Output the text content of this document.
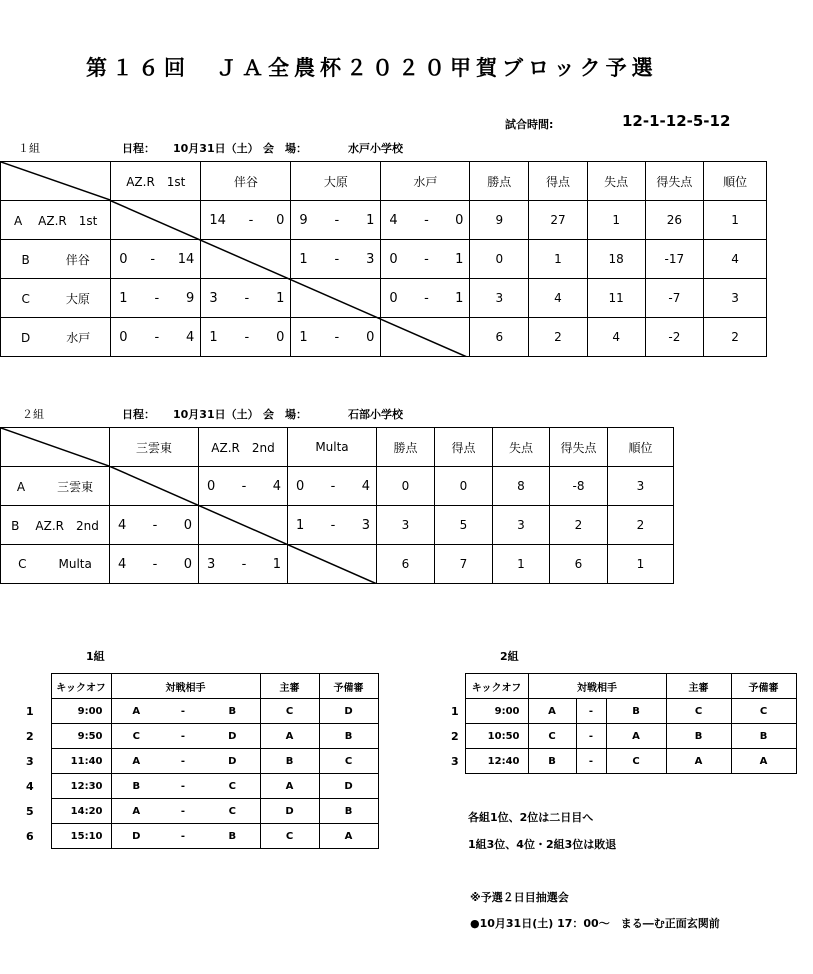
第１６回　ＪＡ全農杯２０２０甲賀ブロック予選
試合時間:	12-1-12-5-12
１組	日程： 10月31日（土） 会　場：	水戸小学校
	AZ.R　1st	伴谷	大原	水戸	勝点	得点	失点	得失点	順位
A AZ.R　1st		14 - 0	9 - 1	4 - 0	9	27	1	26	1
B 伴谷	0 - 14		1 - 3	0 - 1	0	1	18	-17	4
C 大原	1 - 9	3 - 1		0 - 1	3	4	11	-7	3
D 水戸	0 - 4	1 - 0	1 - 0		6	2	4	-2	2
２組	日程： 10月31日（土） 会　場：	石部小学校
	三雲東	AZ.R　2nd	Multa	勝点	得点	失点	得失点	順位
A 三雲東		0 - 4	0 - 4	0	0	8	-8	3
B AZ.R　2nd	4 - 0		1 - 3	3	5	3	2	2
C Multa	4 - 0	3 - 1		6	7	1	6	1
1組
	キックオフ	対戦相手			主審	予備審
1	9:00	A	-	B	C	D
2	9:50	C	-	D	A	B
3	11:40	A	-	D	B	C
4	12:30	B	-	C	A	D
5	14:20	A	-	C	D	B
6	15:10	D	-	B	C	A
2組
	キックオフ	対戦相手			主審	予備審
1	9:00	A	-	B	C	C
2	10:50	C	-	A	B	B
3	12:40	B	-	C	A	A
各組1位、2位は二日目へ
1組3位、4位・2組3位は敗退
※予選２日目抽選会
●10月31日(土) 17：00～　まる―む正面玄関前
